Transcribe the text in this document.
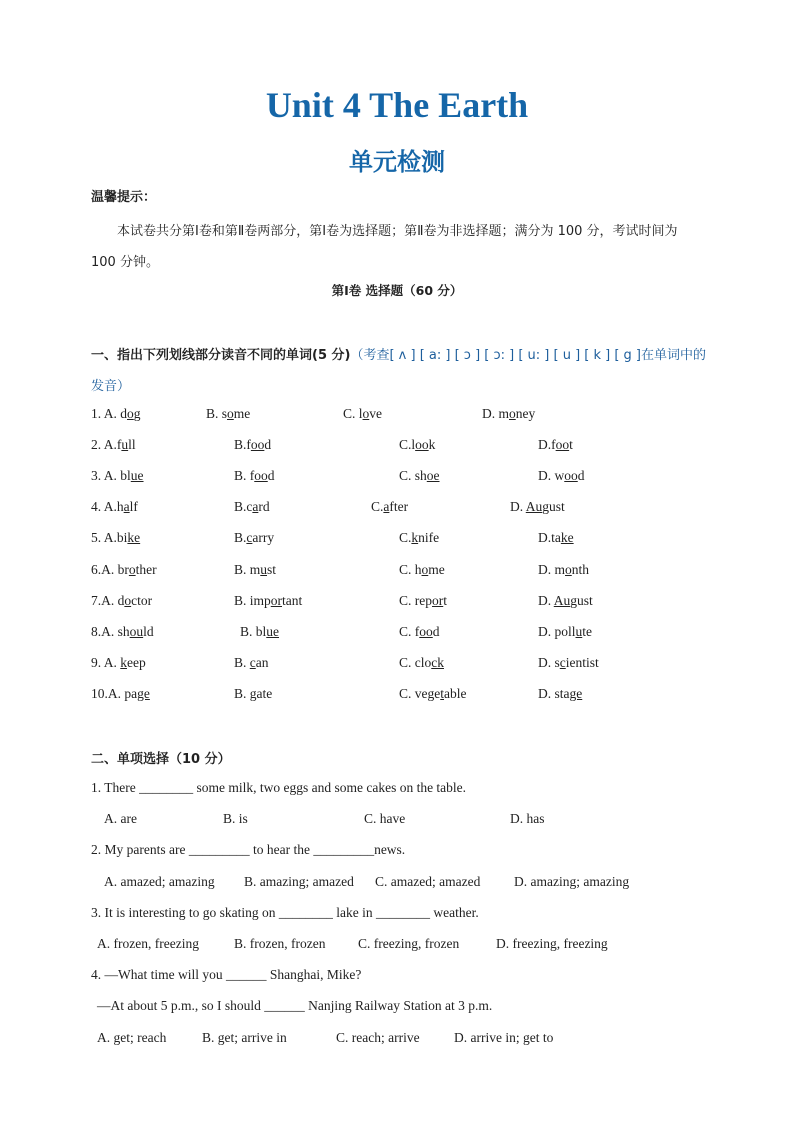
Unit 4 The Earth
单元检测
温馨提示：
本试卷共分第Ⅰ卷和第Ⅱ卷两部分，第Ⅰ卷为选择题；第Ⅱ卷为非选择题；满分为 100 分，考试时间为 100 分钟。
第Ⅰ卷 选择题（60 分）
一、指出下列划线部分读音不同的单词(5 分)（考查[ ʌ ] [ a: ] [ ɔ ] [ ɔ: ] [ u: ] [ u ] [ k ] [ g ]在单词中的发音）
1. A. dog	B. some	C. love	D. money
2. A.full	B.food	C.look	D.foot
3. A. blue	B. food	C. shoe	D. wood
4. A.half	B.card	C.after	D. August
5. A.bike	B.carry	C.knife	D.take
6.A. brother	B. must	C. home	D. month
7.A. doctor	B. important	C. report	D. August
8.A. should	B. blue	C. food	D. pollute
9. A. keep	B. can	C. clock	D. scientist
10.A. page	B. gate	C. vegetable	D. stage
二、单项选择（10 分）
1. There ________ some milk, two eggs and some cakes on the table.
A. are	B. is	C. have	D. has
2. My parents are _________ to hear the _________news.
A. amazed; amazing B. amazing; amazed C. amazed; amazed D. amazing; amazing
3. It is interesting to go skating on ________ lake in ________ weather.
A. frozen, freezing	B. frozen, frozen C. freezing, frozen	D. freezing, freezing
4. —What time will you ______ Shanghai, Mike?
—At about 5 p.m., so I should ______ Nanjing Railway Station at 3 p.m.
A. get; reach	B. get; arrive in	C. reach; arrive	D. arrive in; get to
